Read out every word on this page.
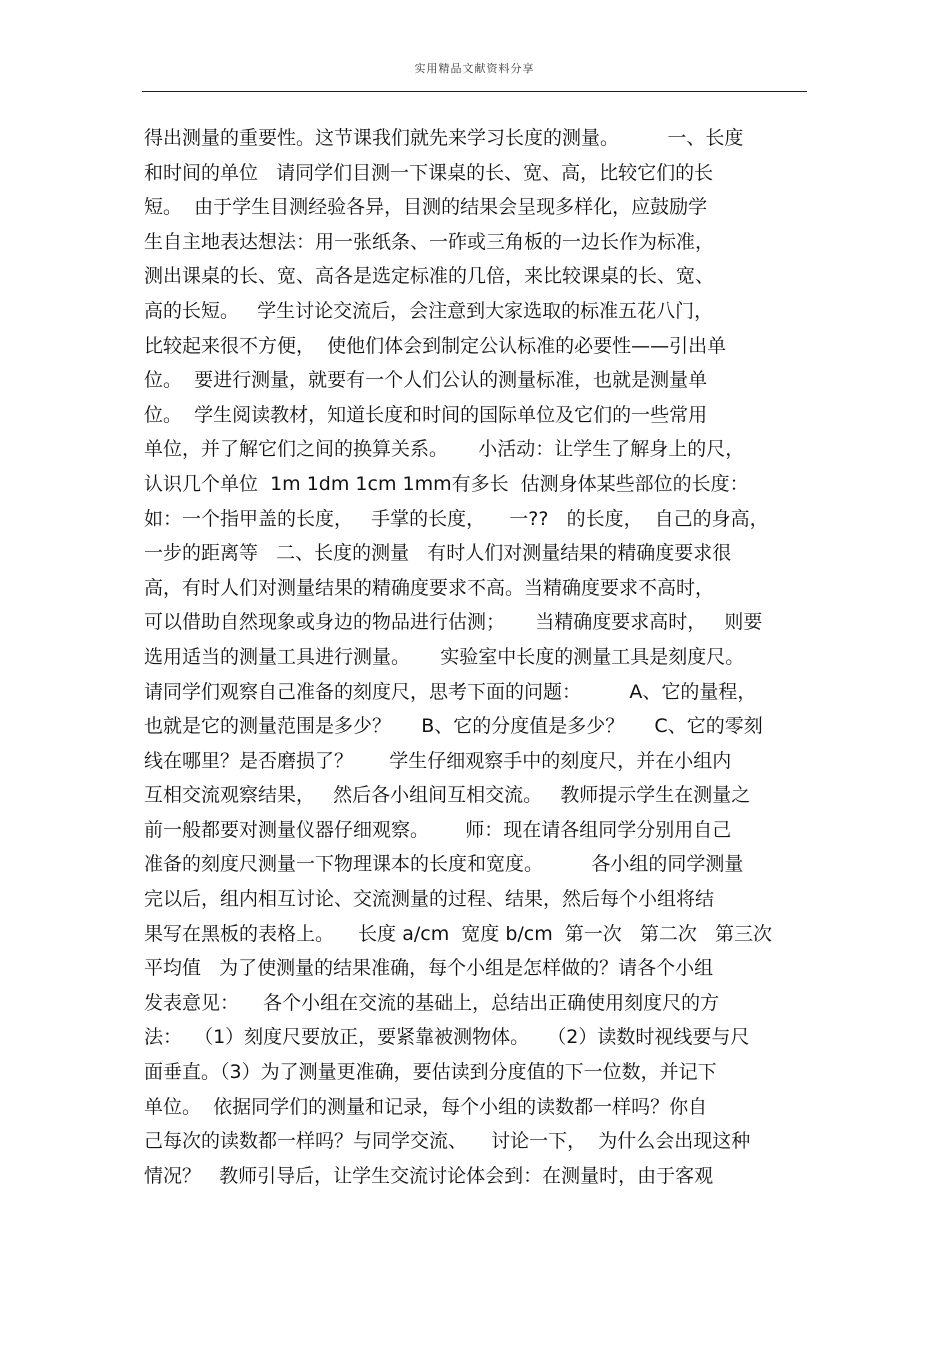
实用精品文献资料分享
得出测量的重要性。这节课我们就先来学习长度的测量。        一、长度
和时间的单位   请同学们目测一下课桌的长、宽、高，比较它们的长
短。  由于学生目测经验各异，目测的结果会呈现多样化，应鼓励学
生自主地表达想法：用一张纸条、一砟或三角板的一边长作为标准，
测出课桌的长、宽、高各是选定标准的几倍，来比较课桌的长、宽、
高的长短。   学生讨论交流后，会注意到大家选取的标准五花八门，
比较起来很不方便，  使他们体会到制定公认标准的必要性——引出单
位。  要进行测量，就要有一个人们公认的测量标准，也就是测量单
位。  学生阅读教材，知道长度和时间的国际单位及它们的一些常用
单位，并了解它们之间的换算关系。     小活动：让学生了解身上的尺，
认识几个单位  1m 1dm 1cm 1mm有多长  估测身体某些部位的长度：
如：一个指甲盖的长度，   手掌的长度，    一??   的长度，  自己的身高，
一步的距离等   二、长度的测量   有时人们对测量结果的精确度要求很
高，有时人们对测量结果的精确度要求不高。当精确度要求不高时，
可以借助自然现象或身边的物品进行估测；     当精确度要求高时，   则要
选用适当的测量工具进行测量。     实验室中长度的测量工具是刻度尺。
请同学们观察自己准备的刻度尺，思考下面的问题：        A、它的量程，
也就是它的测量范围是多少？     B、它的分度值是多少？     C、它的零刻
线在哪里？是否磨损了？      学生仔细观察手中的刻度尺，并在小组内
互相交流观察结果，   然后各小组间互相交流。   教师提示学生在测量之
前一般都要对测量仪器仔细观察。      师：现在请各组同学分别用自己
准备的刻度尺测量一下物理课本的长度和宽度。        各小组的同学测量
完以后，组内相互讨论、交流测量的过程、结果，然后每个小组将结
果写在黑板的表格上。    长度 a/cm  宽度 b/cm  第一次   第二次   第三次
平均值   为了使测量的结果准确，每个小组是怎样做的？请各个小组
发表意见：    各个小组在交流的基础上，总结出正确使用刻度尺的方
法：  （1）刻度尺要放正，要紧靠被测物体。   （2）读数时视线要与尺
面垂直。（3）为了测量更准确，要估读到分度值的下一位数，并记下
单位。  依据同学们的测量和记录，每个小组的读数都一样吗？你自
己每次的读数都一样吗？与同学交流、    讨论一下，  为什么会出现这种
情况？   教师引导后，让学生交流讨论体会到：在测量时，由于客观
